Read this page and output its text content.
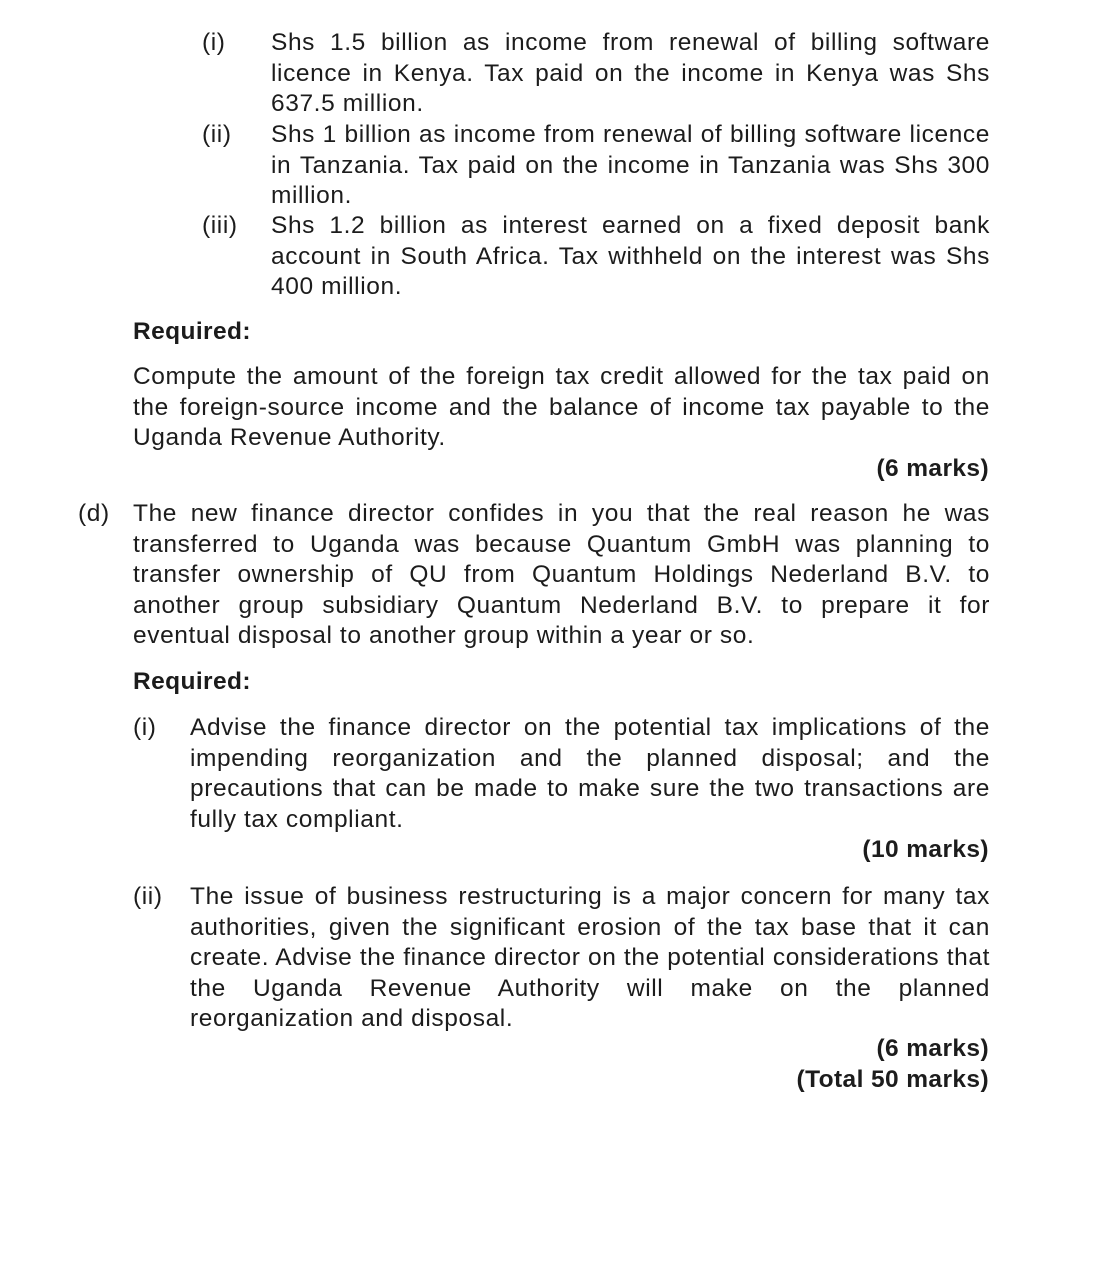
(i)	Shs 1.5 billion as income from renewal of billing software licence in Kenya. Tax paid on the income in Kenya was Shs 637.5 million.
(ii)	Shs 1 billion as income from renewal of billing software licence in Tanzania. Tax paid on the income in Tanzania was Shs 300 million.
(iii)	Shs 1.2 billion as interest earned on a fixed deposit bank account in South Africa. Tax withheld on the interest was Shs 400 million.
Required:
Compute the amount of the foreign tax credit allowed for the tax paid on the foreign-source income and the balance of income tax payable to the Uganda Revenue Authority.
(6 marks)
(d) The new finance director confides in you that the real reason he was transferred to Uganda was because Quantum GmbH was planning to transfer ownership of QU from Quantum Holdings Nederland B.V. to another group subsidiary Quantum Nederland B.V. to prepare it for eventual disposal to another group within a year or so.
Required:
(i)	Advise the finance director on the potential tax implications of the impending reorganization and the planned disposal; and the precautions that can be made to make sure the two transactions are fully tax compliant.
(10 marks)
(ii)	The issue of business restructuring is a major concern for many tax authorities, given the significant erosion of the tax base that it can create. Advise the finance director on the potential considerations that the Uganda Revenue Authority will make on the planned reorganization and disposal.
(6 marks)
(Total 50 marks)
